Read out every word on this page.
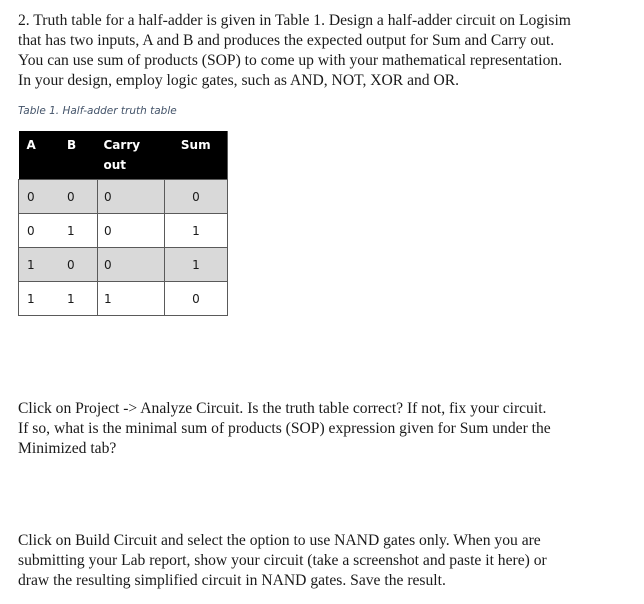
2. Truth table for a half-adder is given in Table 1. Design a half-adder circuit on Logisim
that has two inputs, A and B and produces the expected output for Sum and Carry out.
You can use sum of products (SOP) to come up with your mathematical representation.
In your design, employ logic gates, such as AND, NOT, XOR and OR.

Table 1. Half-adder truth table

A	B	Carry out	Sum
0	0	0	0
0	1	0	1
1	0	0	1
1	1	1	0
Click on Project -> Analyze Circuit. Is the truth table correct? If not, fix your circuit.
If so, what is the minimal sum of products (SOP) expression given for Sum under the
Minimized tab?
Click on Build Circuit and select the option to use NAND gates only. When you are
submitting your Lab report, show your circuit (take a screenshot and paste it here) or
draw the resulting simplified circuit in NAND gates. Save the result.
